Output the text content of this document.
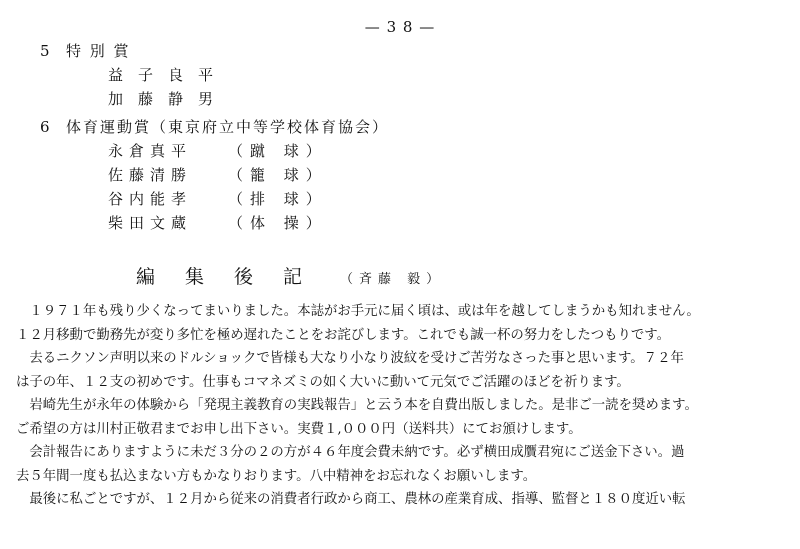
— 3 8 —
5	特 別 賞
益子良平
加藤静男
6	体育運動賞（東京府立中等学校体育協会）
永倉真平	（蹴 球）
佐藤清勝	（籠 球）
谷内能孝	（排 球）
柴田文蔵	（体 操）
編集後記 （斉藤 毅）

１９７１年も残り少くなってまいりました。本誌がお手元に届く頃は、或は年を越してしまうかも知れません。

１２月移動で勤務先が変り多忙を極め遅れたことをお詫びします。これでも誠一杯の努力をしたつもりです。

去るニクソン声明以来のドルショックで皆様も大なり小なり波紋を受けご苦労なさった事と思います。７２年

は子の年、１２支の初めです。仕事もコマネズミの如く大いに動いて元気でご活躍のほどを祈ります。

岩崎先生が永年の体験から「発現主義教育の実践報告」と云う本を自費出版しました。是非ご一読を奨めます。

ご希望の方は川村正敬君までお申し出下さい。実費１,０００円（送料共）にてお頒けします。

会計報告にありますように未だ３分の２の方が４６年度会費未納です。必ず横田成贋君宛にご送金下さい。過

去５年間一度も払込まない方もかなりおります。八中精神をお忘れなくお願いします。

最後に私ごとですが、１２月から従来の消費者行政から商工、農林の産業育成、指導、監督と１８０度近い転
